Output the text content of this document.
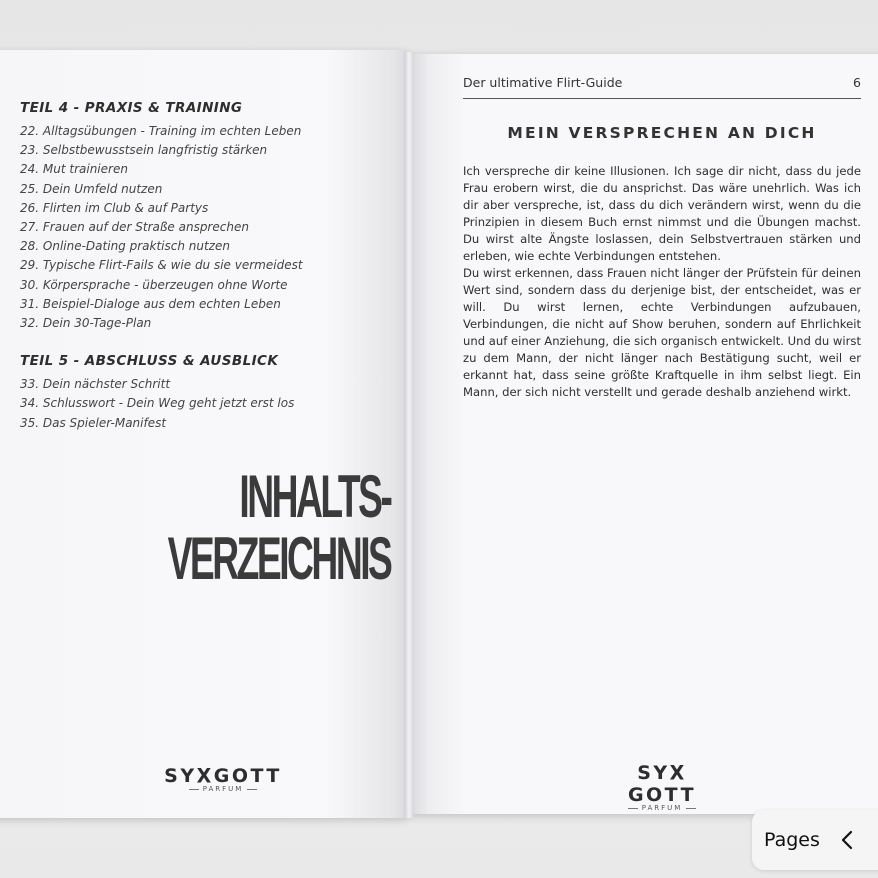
TEIL 4 - PRAXIS & TRAINING
22. Alltagsübungen - Training im echten Leben
23. Selbstbewusstsein langfristig stärken
24. Mut trainieren
25. Dein Umfeld nutzen
26. Flirten im Club & auf Partys
27. Frauen auf der Straße ansprechen
28. Online-Dating praktisch nutzen
29. Typische Flirt-Fails & wie du sie vermeidest
30. Körpersprache - überzeugen ohne Worte
31. Beispiel-Dialoge aus dem echten Leben
32. Dein 30-Tage-Plan
TEIL 5 - ABSCHLUSS & AUSBLICK
33. Dein nächster Schritt
34. Schlusswort - Dein Weg geht jetzt erst los
35. Das Spieler-Manifest
INHALTS-
VERZEICHNIS
SYXGOTT
PARFUM
Der ultimative Flirt-Guide	6
MEIN VERSPRECHEN AN DICH

Ich verspreche dir keine Illusionen. Ich sage dir nicht, dass du jede Frau erobern wirst, die du ansprichst. Das wäre unehrlich. Was ich dir aber verspreche, ist, dass du dich verändern wirst, wenn du die Prinzipien in diesem Buch ernst nimmst und die Übungen machst. Du wirst alte Ängste loslassen, dein Selbstvertrauen stärken und erleben, wie echte Verbindungen entstehen.

Du wirst erkennen, dass Frauen nicht länger der Prüfstein für deinen Wert sind, sondern dass du derjenige bist, der entscheidet, was er will. Du wirst lernen, echte Verbindungen aufzubauen, Verbindungen, die nicht auf Show beruhen, sondern auf Ehrlichkeit und auf einer Anziehung, die sich organisch entwickelt. Und du wirst zu dem Mann, der nicht länger nach Bestätigung sucht, weil er erkannt hat, dass seine größte Kraftquelle in ihm selbst liegt. Ein Mann, der sich nicht verstellt und gerade deshalb anziehend wirkt.

SYXGOTT
PARFUM
Pages
